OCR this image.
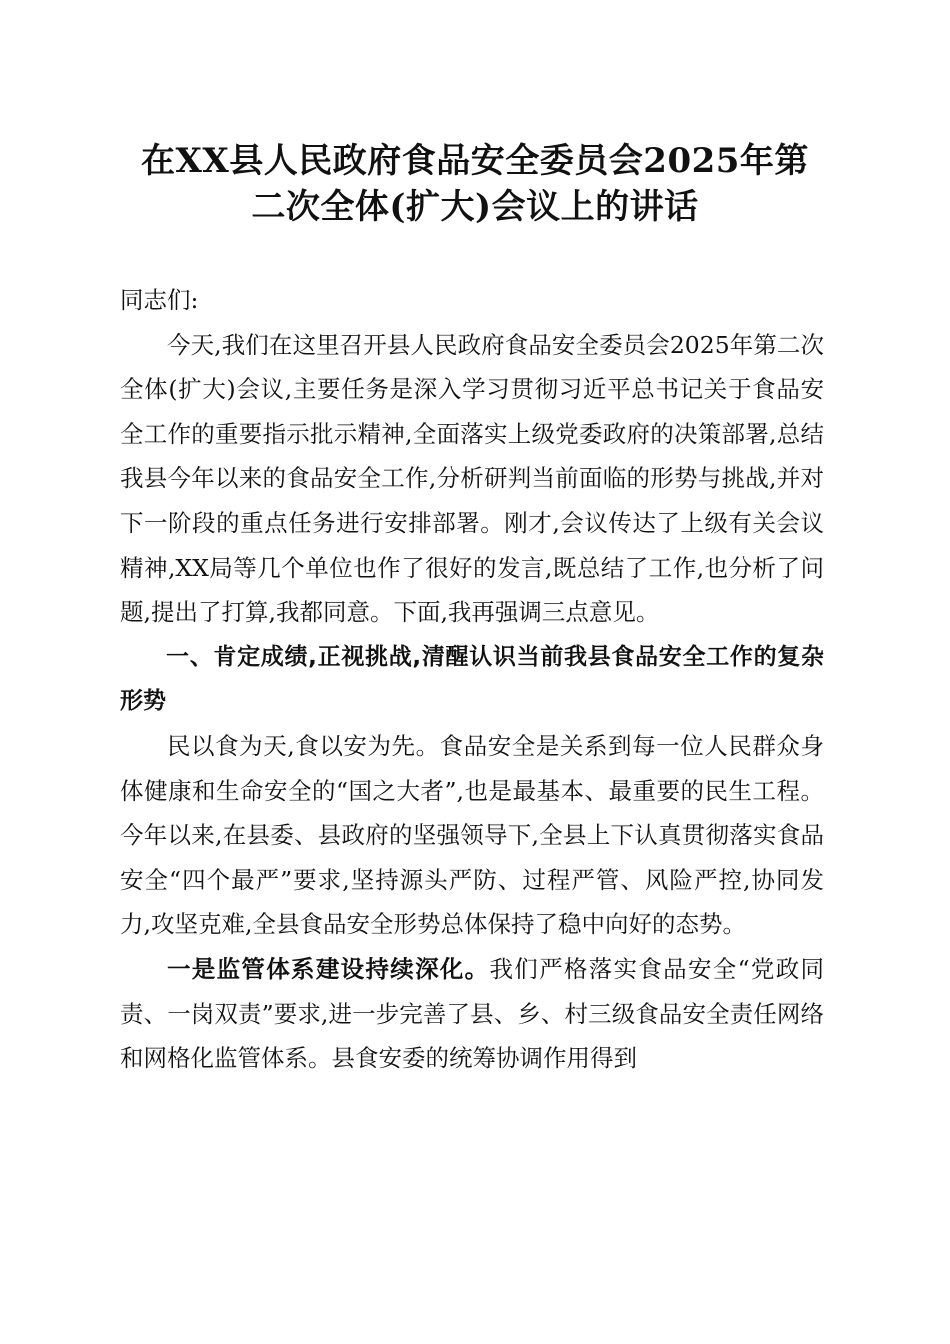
在XX县人民政府食品安全委员会2025年第
二次全体(扩大)会议上的讲话

同志们:

今天,我们在这里召开县人民政府食品安全委员会2025年第二次全体(扩大)会议,主要任务是深入学习贯彻习近平总书记关于食品安全工作的重要指示批示精神,全面落实上级党委政府的决策部署,总结我县今年以来的食品安全工作,分析研判当前面临的形势与挑战,并对下一阶段的重点任务进行安排部署。刚才,会议传达了上级有关会议精神,XX局等几个单位也作了很好的发言,既总结了工作,也分析了问题,提出了打算,我都同意。下面,我再强调三点意见。

一、肯定成绩,正视挑战,清醒认识当前我县食品安全工作的复杂形势

民以食为天,食以安为先。食品安全是关系到每一位人民群众身体健康和生命安全的“国之大者”,也是最基本、最重要的民生工程。今年以来,在县委、县政府的坚强领导下,全县上下认真贯彻落实食品安全“四个最严”要求,坚持源头严防、过程严管、风险严控,协同发力,攻坚克难,全县食品安全形势总体保持了稳中向好的态势。

一是监管体系建设持续深化。我们严格落实食品安全“党政同责、一岗双责”要求,进一步完善了县、乡、村三级食品安全责任网络和网格化监管体系。县食安委的统筹协调作用得到
